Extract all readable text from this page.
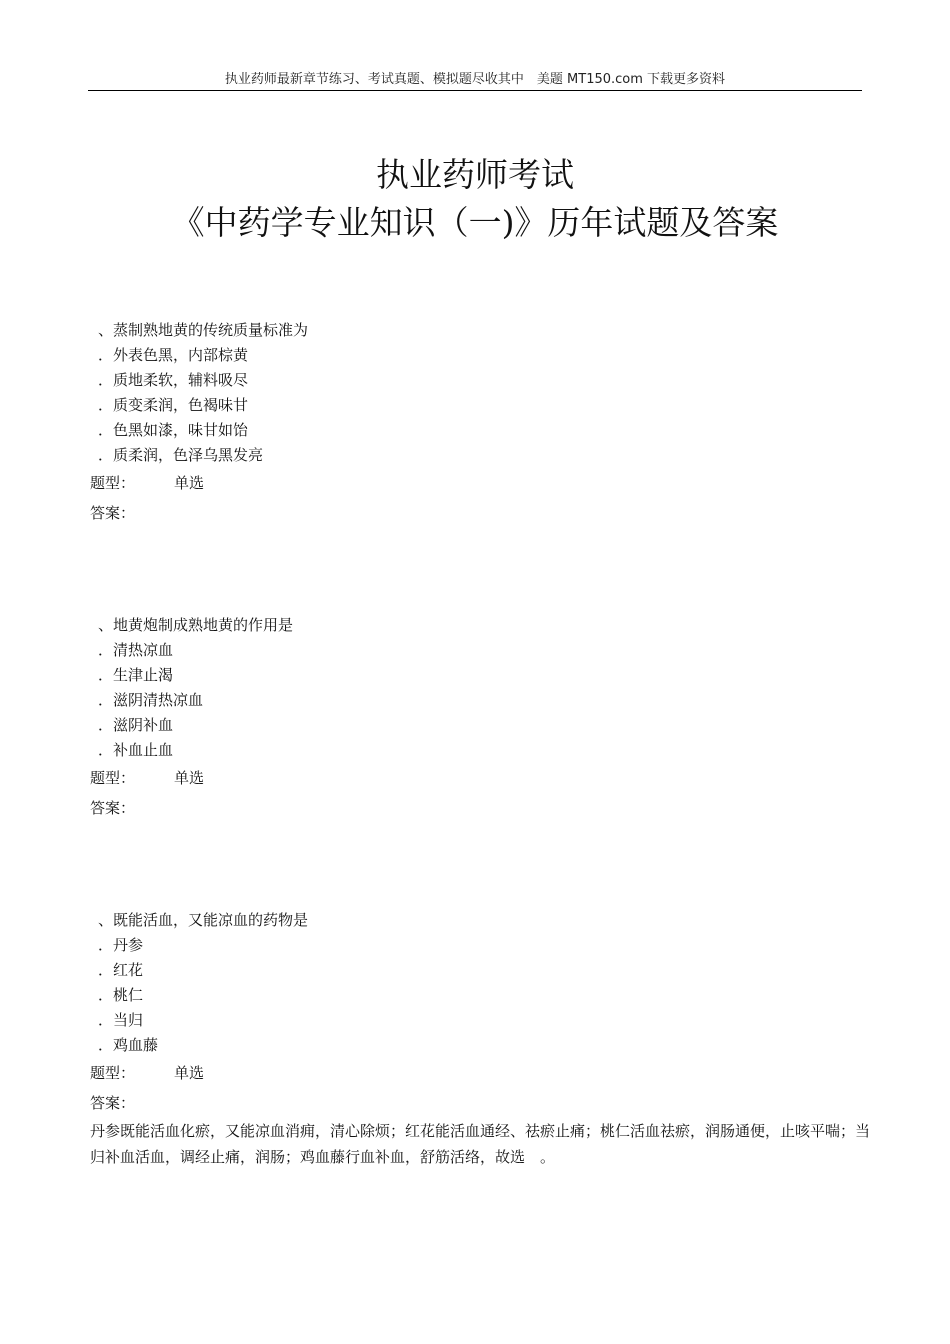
执业药师最新章节练习、考试真题、模拟题尽收其中　美题 MT150.com 下载更多资料
执业药师考试
《中药学专业知识（一)》历年试题及答案
、蒸制熟地黄的传统质量标准为
．外表色黑，内部棕黄
．质地柔软，辅料吸尽
．质变柔润，色褐味甘
．色黑如漆，味甘如饴
．质柔润，色泽乌黑发亮
题型：	单选
答案：
、地黄炮制成熟地黄的作用是
．清热凉血
．生津止渴
．滋阴清热凉血
．滋阴补血
．补血止血
题型：	单选
答案：
、既能活血，又能凉血的药物是
．丹参
．红花
．桃仁
．当归
．鸡血藤
题型：	单选
答案：
丹参既能活血化瘀，又能凉血消痈，清心除烦；红花能活血通经、祛瘀止痛；桃仁活血祛瘀，润肠通便，止咳平喘；当归补血活血，调经止痛，润肠；鸡血藤行血补血，舒筋活络，故选　。
